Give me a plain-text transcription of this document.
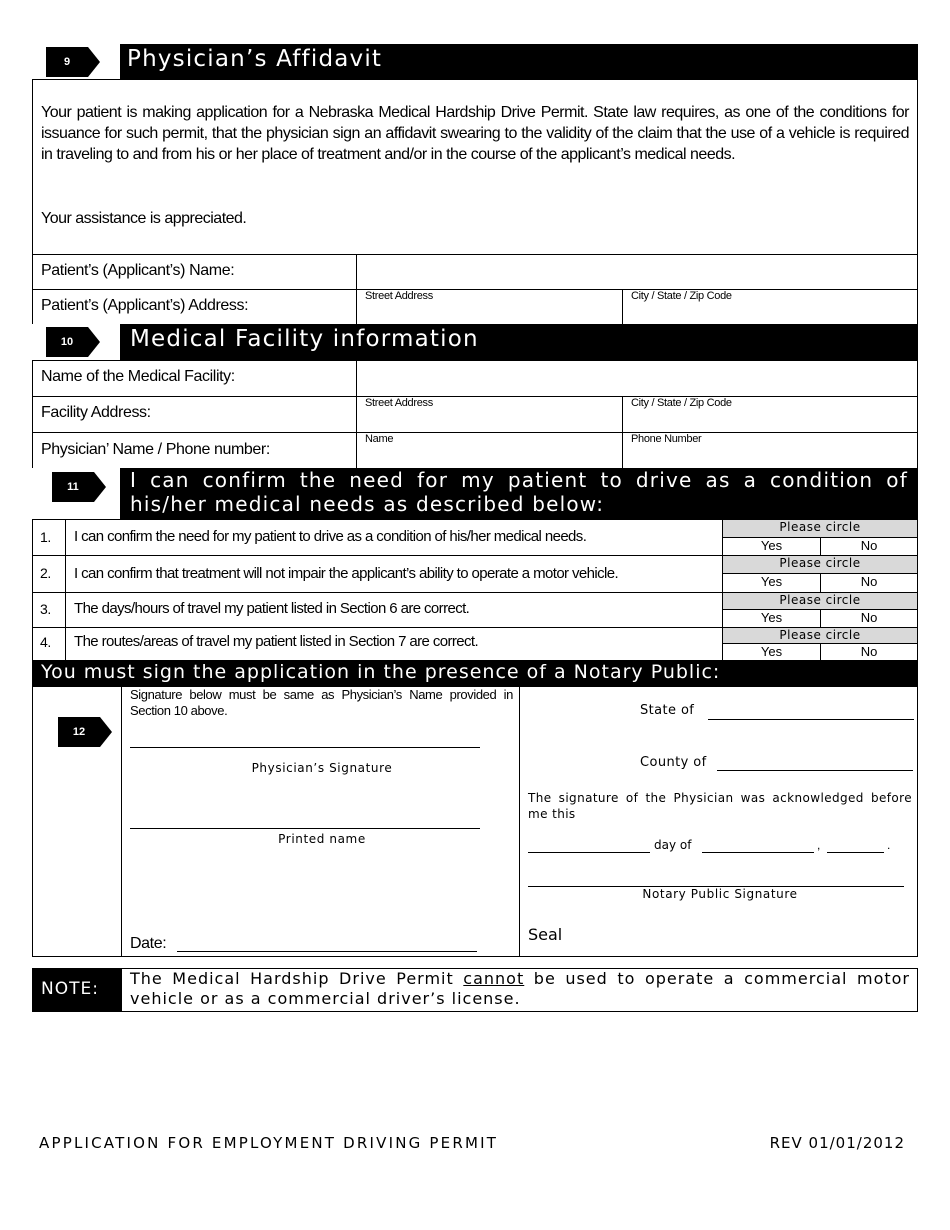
9 Physician’s Affidavit
Your patient is making application for a Nebraska Medical Hardship Drive Permit. State law requires, as one of the conditions for issuance for such permit, that the physician sign an affidavit swearing to the validity of the claim that the use of a vehicle is required in traveling to and from his or her place of treatment and/or in the course of the applicant’s medical needs.
Your assistance is appreciated.
Patient’s (Applicant’s) Name:
Patient’s (Applicant’s) Address:
Street Address	City / State / Zip Code
10 Medical Facility information
Name of the Medical Facility:
Facility Address:
Street Address	City / State / Zip Code
Physician’ Name / Phone number:
Name	Phone Number
11	I can confirm the need for my patient to drive as a condition of his/her medical needs as described below:
1. I can confirm the need for my patient to drive as a condition of his/her medical needs.
Please circle
Yes	No
2. I can confirm that treatment will not impair the applicant’s ability to operate a motor vehicle.
Please circle
Yes	No
3. The days/hours of travel my patient listed in Section 6 are correct.	Please circle
Yes	No
4. The routes/areas of travel my patient listed in Section 7 are correct.	Please circle
Yes	No
You must sign the application in the presence of a Notary Public:
12
Signature below must be same as Physician’s Name provided in Section 10 above.
Physician’s Signature
Printed name
Date:
State of
County of
The signature of the Physician was acknowledged before me this
day of	,	.
Notary Public Signature
Seal
NOTE:
The Medical Hardship Drive Permit cannot be used to operate a commercial motor vehicle or as a commercial driver’s license.
APPLICATION FOR EMPLOYMENT DRIVING PERMIT	REV 01/01/2012
